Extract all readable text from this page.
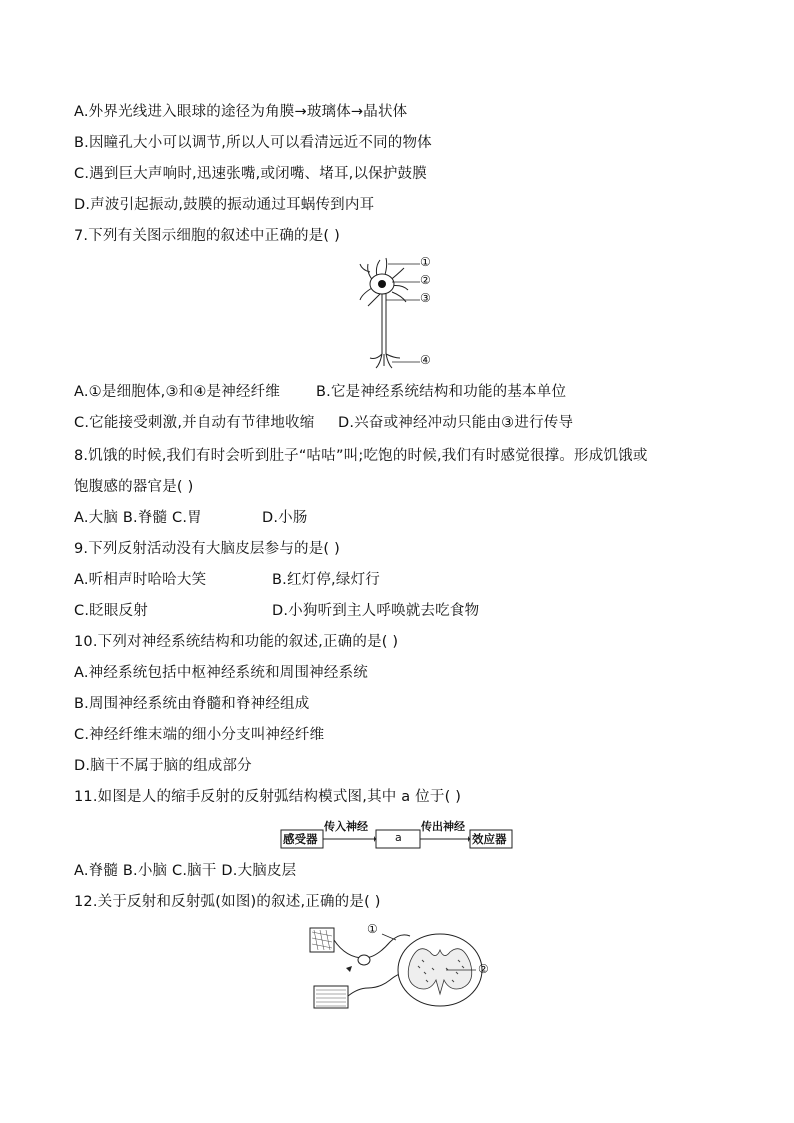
A.外界光线进入眼球的途径为角膜→玻璃体→晶状体
B.因瞳孔大小可以调节,所以人可以看清远近不同的物体
C.遇到巨大声响时,迅速张嘴,或闭嘴、堵耳,以保护鼓膜
D.声波引起振动,鼓膜的振动通过耳蜗传到内耳
7.下列有关图示细胞的叙述中正确的是( )
①
②
③
④
A.①是细胞体,③和④是神经纤维 B.它是神经系统结构和功能的基本单位
C.它能接受刺激,并自动有节律地收缩 D.兴奋或神经冲动只能由③进行传导
8.饥饿的时候,我们有时会听到肚子“咕咕”叫;吃饱的时候,我们有时感觉很撑。形成饥饿或
饱腹感的器官是( )
A.大脑 B.脊髓 C.胃	D.小肠
9.下列反射活动没有大脑皮层参与的是( )
A.听相声时哈哈大笑	B.红灯停,绿灯行
C.眨眼反射	D.小狗听到主人呼唤就去吃食物
10.下列对神经系统结构和功能的叙述,正确的是( )
A.神经系统包括中枢神经系统和周围神经系统
B.周围神经系统由脊髓和脊神经组成
C.神经纤维末端的细小分支叫神经纤维
D.脑干不属于脑的组成部分
11.如图是人的缩手反射的反射弧结构模式图,其中 a 位于( )
感受器
传入神经
a
传出神经
效应器
A.脊髓 B.小脑 C.脑干 D.大脑皮层
12.关于反射和反射弧(如图)的叙述,正确的是( )
①
②
